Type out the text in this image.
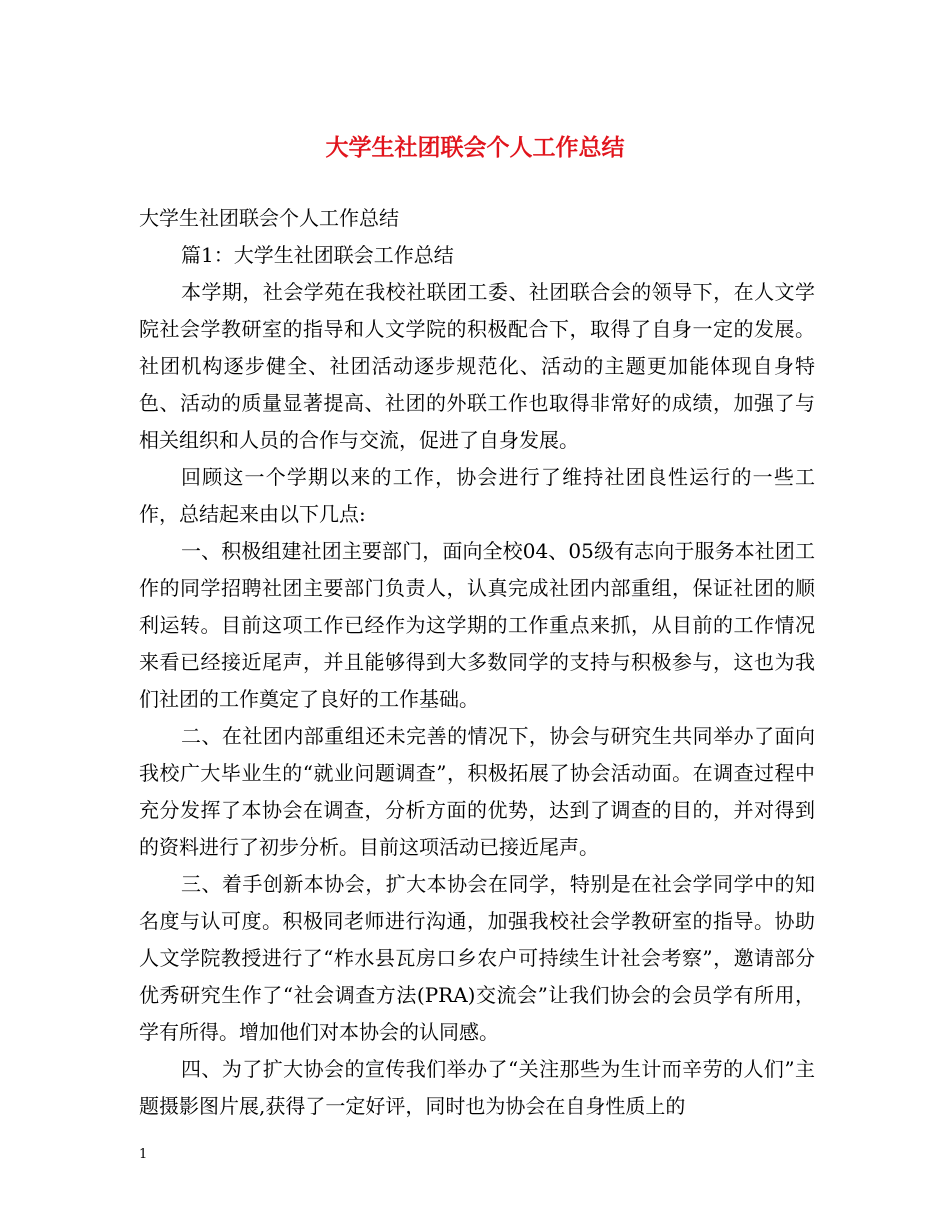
大学生社团联会个人工作总结

大学生社团联会个人工作总结

篇1：大学生社团联会工作总结

本学期，社会学苑在我校社联团工委、社团联合会的领导下，在人文学院社会学教研室的指导和人文学院的积极配合下，取得了自身一定的发展。社团机构逐步健全、社团活动逐步规范化、活动的主题更加能体现自身特色、活动的质量显著提高、社团的外联工作也取得非常好的成绩，加强了与相关组织和人员的合作与交流，促进了自身发展。

回顾这一个学期以来的工作，协会进行了维持社团良性运行的一些工作，总结起来由以下几点:

一、积极组建社团主要部门，面向全校04、05级有志向于服务本社团工作的同学招聘社团主要部门负责人，认真完成社团内部重组，保证社团的顺利运转。目前这项工作已经作为这学期的工作重点来抓，从目前的工作情况来看已经接近尾声，并且能够得到大多数同学的支持与积极参与，这也为我们社团的工作奠定了良好的工作基础。

二、在社团内部重组还未完善的情况下，协会与研究生共同举办了面向我校广大毕业生的“就业问题调查”，积极拓展了协会活动面。在调查过程中充分发挥了本协会在调查，分析方面的优势，达到了调查的目的，并对得到的资料进行了初步分析。目前这项活动已接近尾声。

三、着手创新本协会，扩大本协会在同学，特别是在社会学同学中的知名度与认可度。积极同老师进行沟通，加强我校社会学教研室的指导。协助人文学院教授进行了“柞水县瓦房口乡农户可持续生计社会考察”，邀请部分优秀研究生作了“社会调查方法(PRA)交流会”让我们协会的会员学有所用，学有所得。增加他们对本协会的认同感。

四、为了扩大协会的宣传我们举办了“关注那些为生计而辛劳的人们”主题摄影图片展,获得了一定好评，同时也为协会在自身性质上的

1
